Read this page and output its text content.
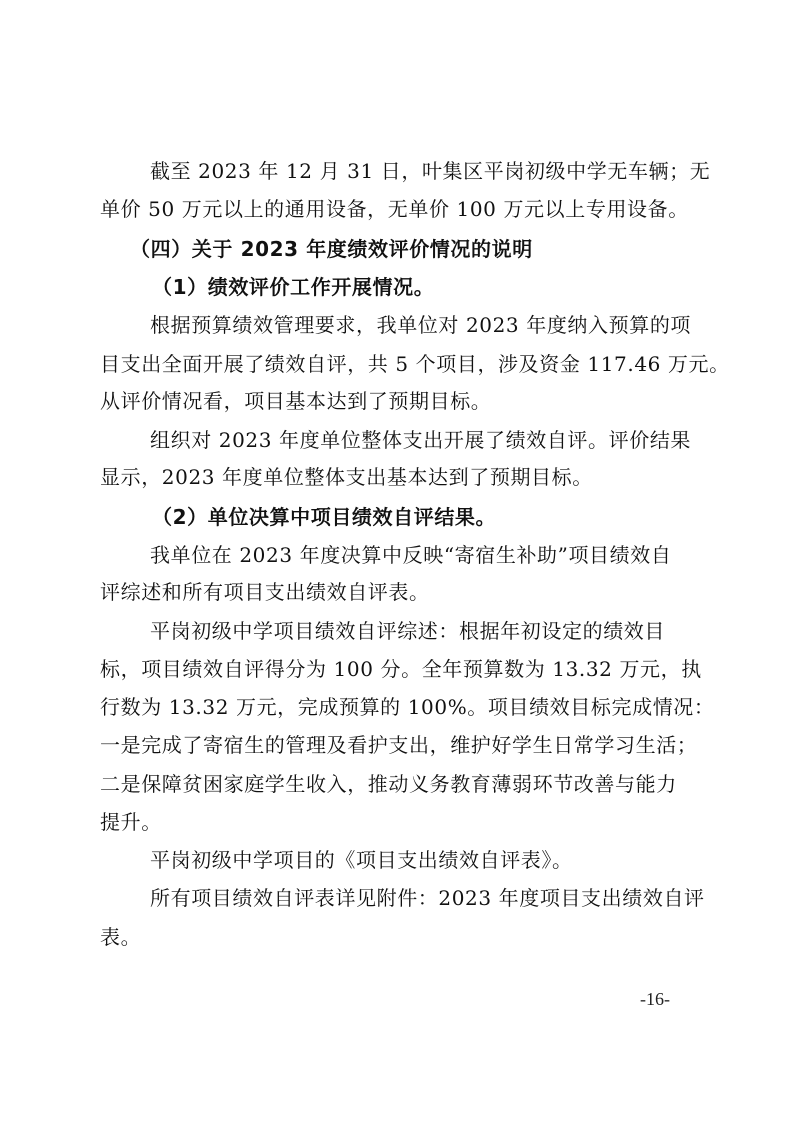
截至 2023 年 12 月 31 日，叶集区平岗初级中学无车辆；无
单价 50 万元以上的通用设备，无单价 100 万元以上专用设备。
（四）关于 2023 年度绩效评价情况的说明
（1）绩效评价工作开展情况。
根据预算绩效管理要求，我单位对 2023 年度纳入预算的项
目支出全面开展了绩效自评，共 5 个项目，涉及资金 117.46 万元。
从评价情况看，项目基本达到了预期目标。
组织对 2023 年度单位整体支出开展了绩效自评。评价结果
显示，2023 年度单位整体支出基本达到了预期目标。
（2）单位决算中项目绩效自评结果。
我单位在 2023 年度决算中反映“寄宿生补助”项目绩效自
评综述和所有项目支出绩效自评表。
平岗初级中学项目绩效自评综述：根据年初设定的绩效目
标，项目绩效自评得分为 100 分。全年预算数为 13.32 万元，执
行数为 13.32 万元，完成预算的 100%。项目绩效目标完成情况：
一是完成了寄宿生的管理及看护支出，维护好学生日常学习生活；
二是保障贫困家庭学生收入，推动义务教育薄弱环节改善与能力
提升。
平岗初级中学项目的《项目支出绩效自评表》。
所有项目绩效自评表详见附件：2023 年度项目支出绩效自评
表。
-16-
